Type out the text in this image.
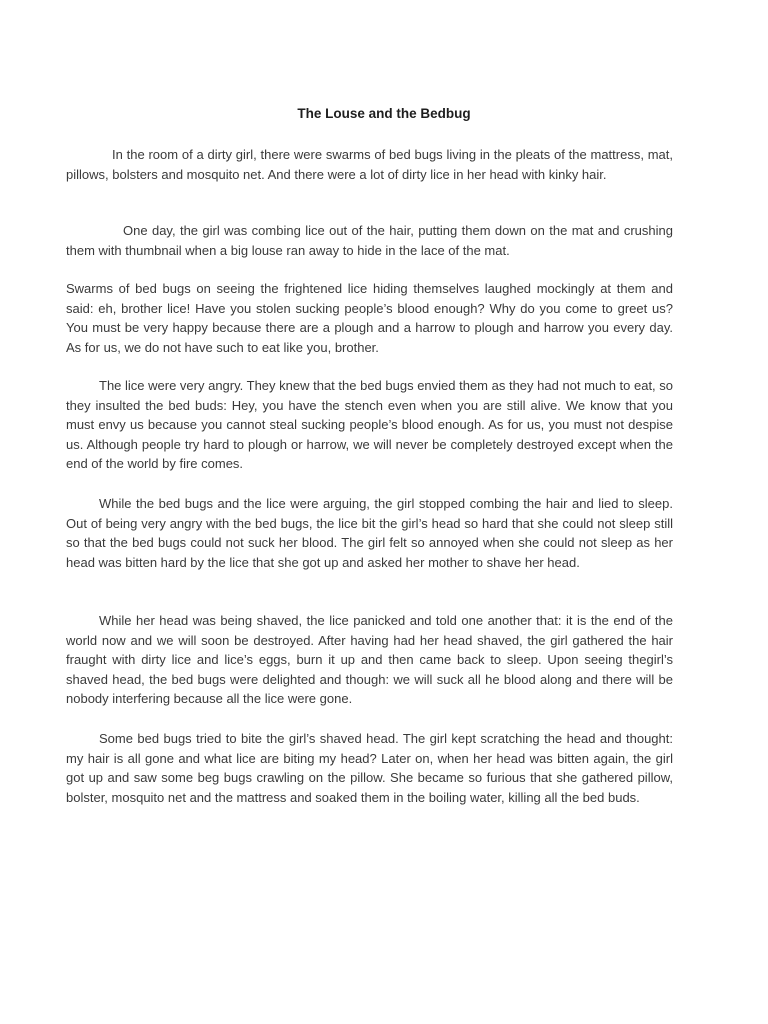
The Louse and the Bedbug

In the room of a dirty girl, there were swarms of bed bugs living in the pleats of the mattress, mat, pillows, bolsters and mosquito net. And there were a lot of dirty lice in her head with kinky hair.

One day, the girl was combing lice out of the hair, putting them down on the mat and crushing them with thumbnail when a big louse ran away to hide in the lace of the mat.

Swarms of bed bugs on seeing the frightened lice hiding themselves laughed mockingly at them and said: eh, brother lice! Have you stolen sucking people’s blood enough? Why do you come to greet us? You must be very happy because there are a plough and a harrow to plough and harrow you every day. As for us, we do not have such to eat like you, brother.

The lice were very angry. They knew that the bed bugs envied them as they had not much to eat, so they insulted the bed buds: Hey, you have the stench even when you are still alive. We know that you must envy us because you cannot steal sucking people’s blood enough. As for us, you must not despise us. Although people try hard to plough or harrow, we will never be completely destroyed except when the end of the world by fire comes.

While the bed bugs and the lice were arguing, the girl stopped combing the hair and lied to sleep. Out of being very angry with the bed bugs, the lice bit the girl’s head so hard that she could not sleep still so that the bed bugs could not suck her blood. The girl felt so annoyed when she could not sleep as her head was bitten hard by the lice that she got up and asked her mother to shave her head.

While her head was being shaved, the lice panicked and told one another that: it is the end of the world now and we will soon be destroyed. After having had her head shaved, the girl gathered the hair fraught with dirty lice and lice’s eggs, burn it up and then came back to sleep. Upon seeing thegirl’s shaved head, the bed bugs were delighted and though: we will suck all he blood along and there will be nobody interfering because all the lice were gone.

Some bed bugs tried to bite the girl’s shaved head. The girl kept scratching the head and thought: my hair is all gone and what lice are biting my head? Later on, when her head was bitten again, the girl got up and saw some beg bugs crawling on the pillow. She became so furious that she gathered pillow, bolster, mosquito net and the mattress and soaked them in the boiling water, killing all the bed buds.
